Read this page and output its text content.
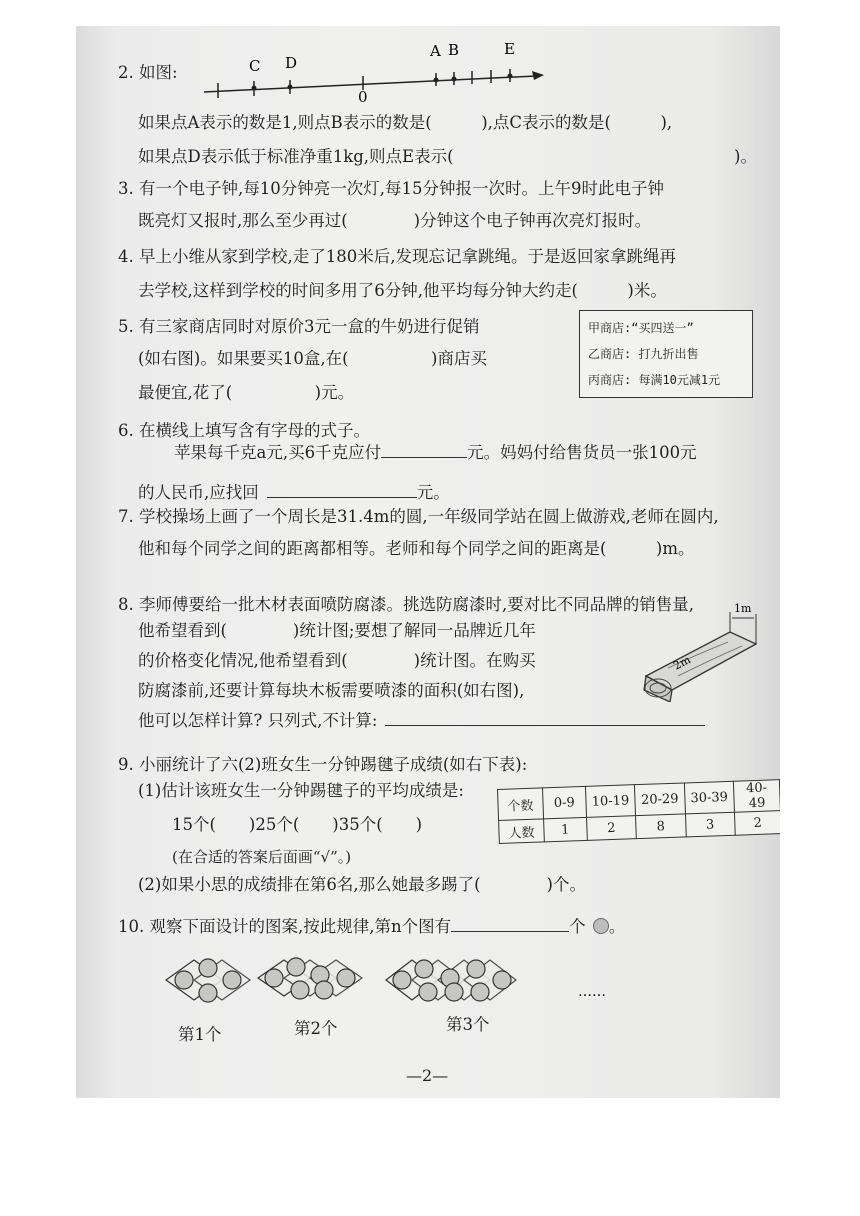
2. 如图:	C D
0
A B	E
如果点A表示的数是1,则点B表示的数是(　　　),点C表示的数是(　　　),
如果点D表示低于标准净重1kg,则点E表示(　　　　　　　　　　　　　　　　　)。
3. 有一个电子钟,每10分钟亮一次灯,每15分钟报一次时。上午9时此电子钟
既亮灯又报时,那么至少再过(　　　　)分钟这个电子钟再次亮灯报时。
4. 早上小维从家到学校,走了180米后,发现忘记拿跳绳。于是返回家拿跳绳再
去学校,这样到学校的时间多用了6分钟,他平均每分钟大约走(　　　)米。
5. 有三家商店同时对原价3元一盒的牛奶进行促销
(如右图)。如果要买10盒,在(　　　　　)商店买
最便宜,花了(　　　　　)元。
甲商店:“买四送一”
乙商店: 打九折出售
丙商店: 每满10元减1元
6. 在横线上填写含有字母的式子。
苹果每千克a元,买6千克应付	元。妈妈付给售货员一张100元
的人民币,应找回	元。
7. 学校操场上画了一个周长是31.4m的圆,一年级同学站在圆上做游戏,老师在圆内,
他和每个同学之间的距离都相等。老师和每个同学之间的距离是(　　　)m。
8. 李师傅要给一批木材表面喷防腐漆。挑选防腐漆时,要对比不同品牌的销售量,
他希望看到(　　　　)统计图;要想了解同一品牌近几年
的价格变化情况,他希望看到(　　　　)统计图。在购买
防腐漆前,还要计算每块木板需要喷漆的面积(如右图),
他可以怎样计算? 只列式,不计算:
1m
2m
9. 小丽统计了六(2)班女生一分钟踢毽子成绩(如右下表):
(1)估计该班女生一分钟踢毽子的平均成绩是:
15个(　　)25个(　　)35个(　　)
(在合适的答案后面画“√”。)
(2)如果小思的成绩排在第6名,那么她最多踢了(　　　　)个。
个数	0-9	10-19	20-29	30-39	40-49
人数	1	2	8	3	2
10. 观察下面设计的图案,按此规律,第n个图有	个 。
……
第1个	第2个	第3个
—2—
